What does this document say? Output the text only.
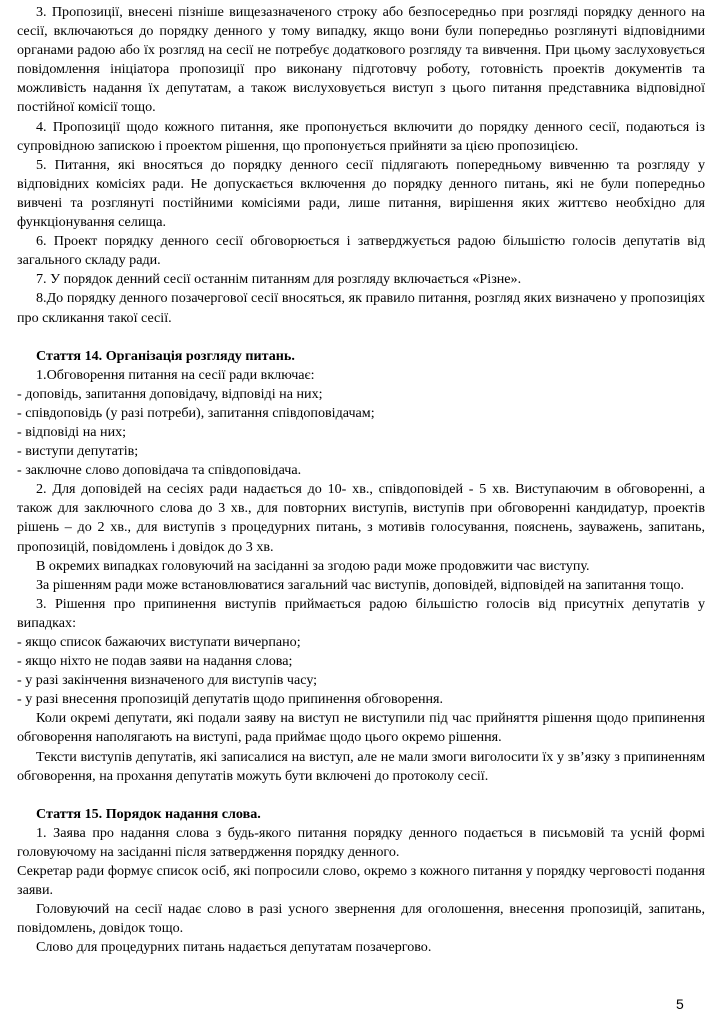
3. Пропозиції, внесені пізніше вищезазначеного строку або безпосередньо при розгляді порядку денного на сесії, включаються до порядку денного у тому випадку, якщо вони були попередньо розглянуті відповідними органами радою або їх розгляд на сесії не потребує додаткового розгляду та вивчення. При цьому заслуховується повідомлення ініціатора пропозиції про виконану підготовчу роботу, готовність проектів документів та можливість надання їх депутатам, а також вислуховується виступ з цього питання представника відповідної постійної комісії тощо.

4. Пропозиції щодо кожного питання, яке пропонується включити до порядку денного сесії, подаються із супровідною запискою і проектом рішення, що пропонується прийняти за цією пропозицією.

5. Питання, які вносяться до порядку денного сесії підлягають попередньому вивченню та розгляду у відповідних комісіях ради. Не допускається включення до порядку денного питань, які не були попередньо вивчені та розглянуті постійними комісіями ради, лише питання, вирішення яких життєво необхідно для функціонування селища.

6. Проект порядку денного сесії обговорюється і затверджується радою більшістю голосів депутатів від загального складу ради.

7. У порядок денний сесії останнім питанням для розгляду включається «Різне».

8.До порядку денного позачергової сесії вносяться, як правило питання, розгляд яких визначено у пропозиціях про скликання такої сесії.

Стаття 14. Організація розгляду питань.

1.Обговорення питання на сесії ради включає:

- доповідь, запитання доповідачу, відповіді на них;

- співдоповідь (у разі потреби), запитання співдоповідачам;

- відповіді на них;

- виступи депутатів;

- заключне слово доповідача та співдоповідача.

2. Для доповідей на сесіях ради надається до 10- хв., співдоповідей - 5 хв. Виступаючим в обговоренні, а також для заключного слова до 3 хв., для повторних виступів, виступів при обговоренні кандидатур, проектів рішень – до 2 хв., для виступів з процедурних питань, з мотивів голосування, пояснень, зауважень, запитань, пропозицій, повідомлень і довідок до 3 хв.

В окремих випадках головуючий на засіданні за згодою ради може продовжити час виступу.

За рішенням ради може встановлюватися загальний час виступів, доповідей, відповідей на запитання тощо.

3. Рішення про припинення виступів приймається радою більшістю голосів від присутніх депутатів у випадках:

- якщо список бажаючих виступати вичерпано;

- якщо ніхто не подав заяви на надання слова;

- у разі закінчення визначеного для виступів часу;

- у разі внесення пропозицій депутатів щодо припинення обговорення.

Коли окремі депутати, які подали заяву на виступ не виступили під час прийняття рішення щодо припинення обговорення наполягають на виступі, рада приймає щодо цього окремо рішення.

Тексти виступів депутатів, які записалися на виступ, але не мали змоги виголосити їх у зв’язку з припиненням обговорення, на прохання депутатів можуть бути включені до протоколу сесії.

Стаття 15. Порядок надання слова.

1. Заява про надання слова з будь-якого питання порядку денного подається в письмовій та усній формі головуючому на засіданні після затвердження порядку денного.

Секретар ради формує список осіб, які попросили слово, окремо з кожного питання у порядку черговості подання заяви.

Головуючий на сесії надає слово в разі усного звернення для оголошення, внесення пропозицій, запитань, повідомлень, довідок тощо.

Слово для процедурних питань надається депутатам позачергово.

5
